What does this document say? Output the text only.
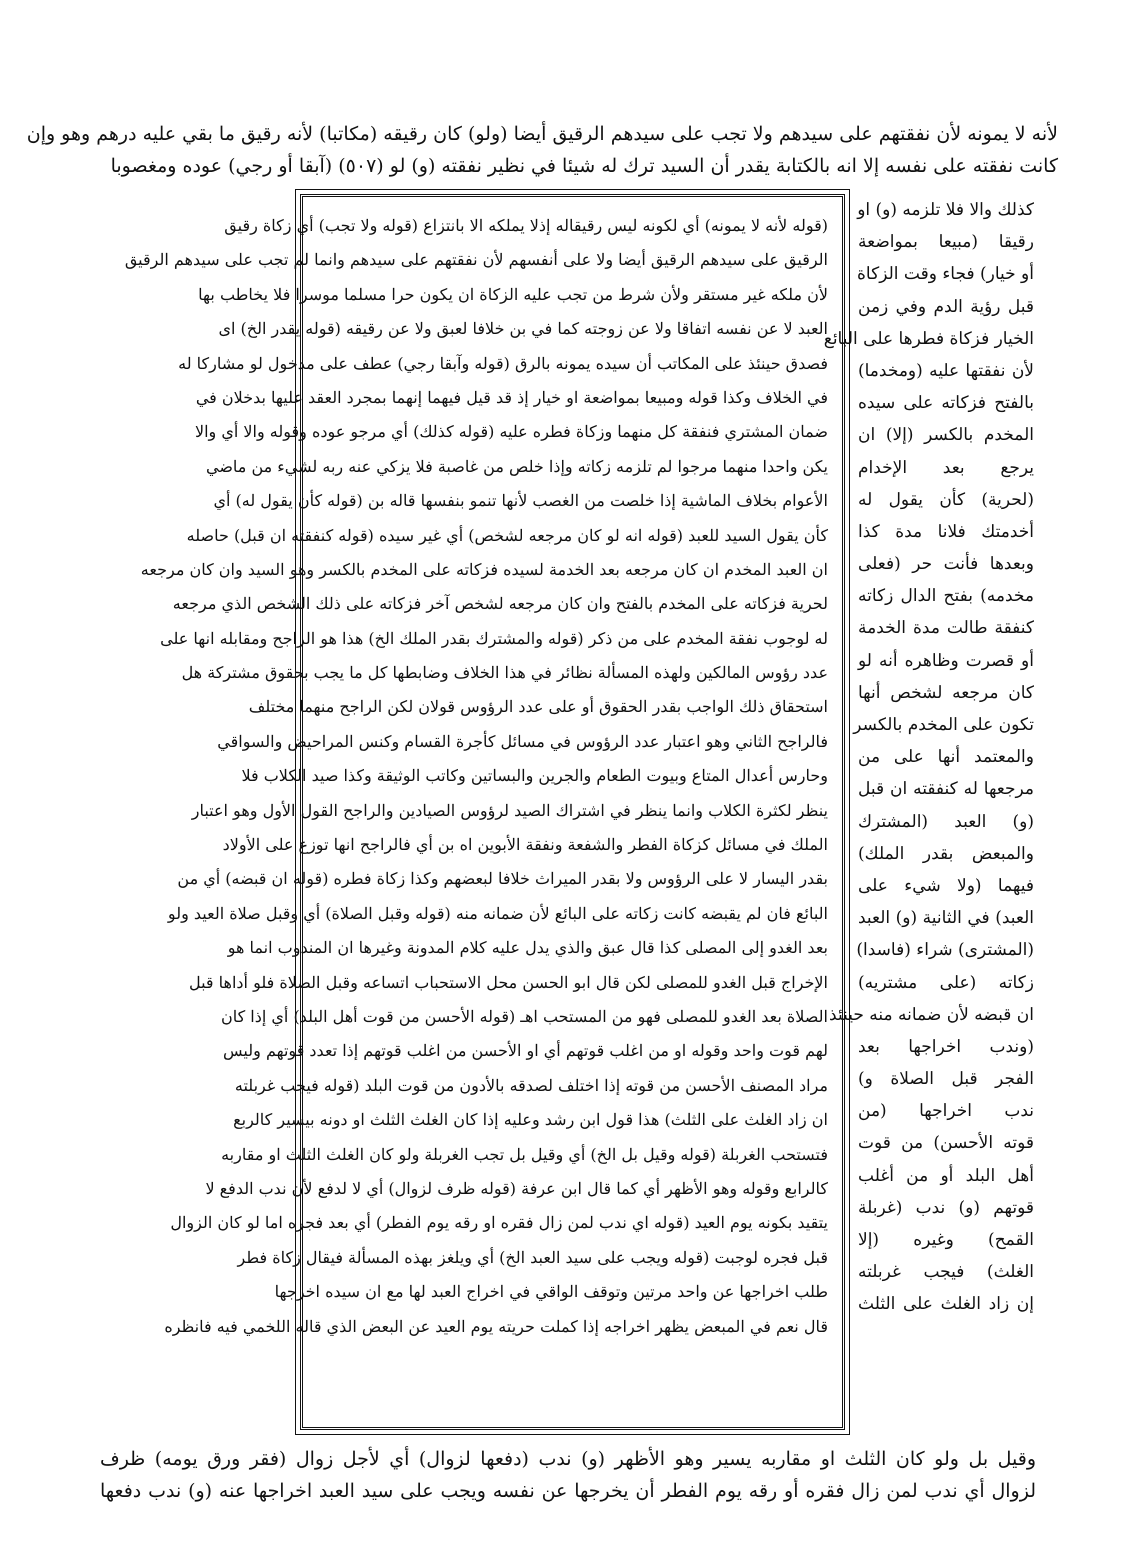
لأنه لا يمونه لأن نفقتهم على سيدهم ولا تجب على سيدهم الرقيق أيضا (ولو) كان رقيقه (مكاتبا) لأنه رقيق ما بقي عليه درهم وهو وإن
كانت نفقته على نفسه إلا انه بالكتابة يقدر أن السيد ترك له شيئا في نظير نفقته (و) لو (٥٠٧) (آبقا أو رجي) عوده ومغصوبا
(قوله لأنه لا يمونه) أي لكونه ليس رقيقاله إذلا يملكه الا بانتزاع (قوله ولا تجب) أي زكاة رقيق
الرقيق على سيدهم الرقيق أيضا ولا على أنفسهم لأن نفقتهم على سيدهم وانما لم تجب على سيدهم الرقيق
لأن ملكه غير مستقر ولأن شرط من تجب عليه الزكاة ان يكون حرا مسلما موسرا فلا يخاطب بها
العبد لا عن نفسه اتفاقا ولا عن زوجته كما في بن خلافا لعبق ولا عن رقيقه (قوله يقدر الخ) اى
فصدق حينئذ على المكاتب أن سيده يمونه بالرق (قوله وآبقا رجي) عطف على مدخول لو مشاركا له
في الخلاف وكذا قوله ومبيعا بمواضعة او خيار إذ قد قيل فيهما إنهما بمجرد العقد عليها بدخلان في
ضمان المشتري فنفقة كل منهما وزكاة فطره عليه (قوله كذلك) أي مرجو عوده وقوله والا أي والا
يكن واحدا منهما مرجوا لم تلزمه زكاته وإذا خلص من غاصبة فلا يزكي عنه ربه لشيء من ماضي
الأعوام بخلاف الماشية إذا خلصت من الغصب لأنها تنمو بنفسها قاله بن (قوله كأن يقول له) أي
كأن يقول السيد للعبد (قوله انه لو كان مرجعه لشخص) أي غير سيده (قوله كنفقته ان قبل) حاصله
ان العبد المخدم ان كان مرجعه بعد الخدمة لسيده فزكاته على المخدم بالكسر وهو السيد وان كان مرجعه
لحرية فزكاته على المخدم بالفتح وان كان مرجعه لشخص آخر فزكاته على ذلك الشخص الذي مرجعه
له لوجوب نفقة المخدم على من ذكر (قوله والمشترك بقدر الملك الخ) هذا هو الراجح ومقابله انها على
عدد رؤوس المالكين ولهذه المسألة نظائر في هذا الخلاف وضابطها كل ما يجب بحقوق مشتركة هل
استحقاق ذلك الواجب بقدر الحقوق أو على عدد الرؤوس قولان لكن الراجح منهما مختلف
فالراجح الثاني وهو اعتبار عدد الرؤوس في مسائل كأجرة القسام وكنس المراحيض والسواقي
وحارس أعدال المتاع وبيوت الطعام والجرين والبساتين وكاتب الوثيقة وكذا صيد الكلاب فلا
ينظر لكثرة الكلاب وانما ينظر في اشتراك الصيد لرؤوس الصيادين والراجح القول الأول وهو اعتبار
الملك في مسائل كزكاة الفطر والشفعة ونفقة الأبوين اه بن أي فالراجح انها توزع على الأولاد
بقدر اليسار لا على الرؤوس ولا بقدر الميراث خلافا لبعضهم وكذا زكاة فطره (قوله ان قبضه) أي من
البائع فان لم يقبضه كانت زكاته على البائع لأن ضمانه منه (قوله وقبل الصلاة) أي وقبل صلاة العيد ولو
بعد الغدو إلى المصلى كذا قال عبق والذي يدل عليه كلام المدونة وغيرها ان المندوب انما هو
الإخراج قبل الغدو للمصلى لكن قال ابو الحسن محل الاستحباب اتساعه وقبل الصلاة فلو أداها قبل
الصلاة بعد الغدو للمصلى فهو من المستحب اهـ (قوله الأحسن من قوت أهل البلد) أي إذا كان
لهم قوت واحد وقوله او من اغلب قوتهم أي او الأحسن من اغلب قوتهم إذا تعدد قوتهم وليس
مراد المصنف الأحسن من قوته إذا اختلف لصدقه بالأدون من قوت البلد (قوله فيجب غربلته
ان زاد الغلث على الثلث) هذا قول ابن رشد وعليه إذا كان الغلث الثلث او دونه بيسير كالربع
فتستحب الغربلة (قوله وقيل بل الخ) أي وقيل بل تجب الغربلة ولو كان الغلث الثلث او مقاربه
كالرابع وقوله وهو الأظهر أي كما قال ابن عرفة (قوله ظرف لزوال) أي لا لدفع لأن ندب الدفع لا
يتقيد بكونه يوم العيد (قوله اي ندب لمن زال فقره او رقه يوم الفطر) أي بعد فجره اما لو كان الزوال
قبل فجره لوجبت (قوله ويجب على سيد العبد الخ) أي ويلغز بهذه المسألة فيقال زكاة فطر
طلب اخراجها عن واحد مرتين وتوقف الواقي في اخراج العبد لها مع ان سيده اخرجها
قال نعم في المبعض يظهر اخراجه إذا كملت حريته يوم العيد عن البعض الذي قاله اللخمي فيه فانظره
كذلك والا فلا تلزمه (و) او
رقيقا (مبيعا بمواضعة
أو خيار) فجاء وقت الزكاة
قبل رؤية الدم وفي زمن
الخيار فزكاة فطرها على البائع
لأن نفقتها عليه (ومخدما)
بالفتح فزكاته على سيده
المخدم بالكسر (إلا) ان
يرجع بعد الإخدام
(لحرية) كأن يقول له
أخدمتك فلانا مدة كذا
وبعدها فأنت حر (فعلى
مخدمه) بفتح الدال زكاته
كنفقة طالت مدة الخدمة
أو قصرت وظاهره أنه لو
كان مرجعه لشخص أنها
تكون على المخدم بالكسر
والمعتمد أنها على من
مرجعها له كنفقته ان قبل
(و) العبد (المشترك
والمبعض بقدر الملك)
فيهما (ولا شيء على
العبد) في الثانية (و) العبد
(المشترى) شراء (فاسدا)
زكاته (على مشتريه)
ان قبضه لأن ضمانه منه حينئذ
(وندب اخراجها بعد
الفجر قبل الصلاة و)
ندب اخراجها (من
قوته الأحسن) من قوت
أهل البلد أو من أغلب
قوتهم (و) ندب (غربلة
القمح) وغيره (إلا
الغلث) فيجب غربلته
إن زاد الغلث على الثلث
وقيل بل ولو كان الثلث او مقاربه يسير وهو الأظهر (و) ندب (دفعها لزوال) أي لأجل زوال (فقر ورق يومه) ظرف
لزوال أي ندب لمن زال فقره أو رقه يوم الفطر أن يخرجها عن نفسه ويجب على سيد العبد اخراجها عنه (و) ندب دفعها
